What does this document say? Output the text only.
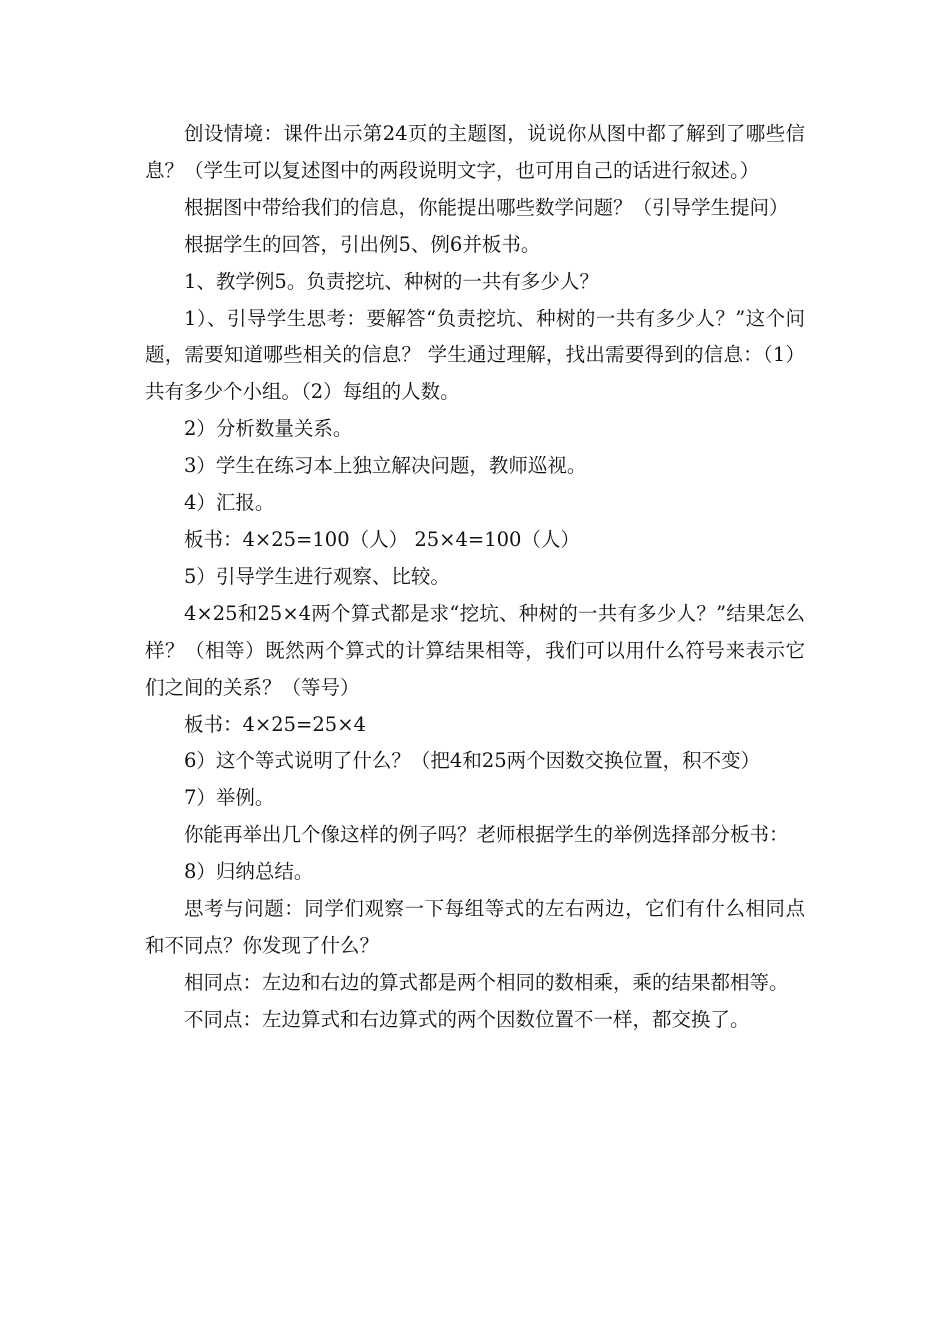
创设情境：课件出示第24页的主题图，说说你从图中都了解到了哪些信息？（学生可以复述图中的两段说明文字，也可用自己的话进行叙述。）

根据图中带给我们的信息，你能提出哪些数学问题？（引导学生提问）

根据学生的回答，引出例5、例6并板书。

1、教学例5。负责挖坑、种树的一共有多少人？

1）、引导学生思考：要解答“负责挖坑、种树的一共有多少人？”这个问题，需要知道哪些相关的信息？ 学生通过理解，找出需要得到的信息：（1）共有多少个小组。（2）每组的人数。

2）分析数量关系。

3）学生在练习本上独立解决问题，教师巡视。

4）汇报。

板书：4×25=100（人） 25×4=100（人）

5）引导学生进行观察、比较。

4×25和25×4两个算式都是求“挖坑、种树的一共有多少人？”结果怎么样？（相等）既然两个算式的计算结果相等，我们可以用什么符号来表示它们之间的关系？（等号）

板书：4×25=25×4

6）这个等式说明了什么？（把4和25两个因数交换位置，积不变）

7）举例。

你能再举出几个像这样的例子吗？老师根据学生的举例选择部分板书：

8）归纳总结。

思考与问题：同学们观察一下每组等式的左右两边，它们有什么相同点和不同点？你发现了什么？

相同点：左边和右边的算式都是两个相同的数相乘，乘的结果都相等。

不同点：左边算式和右边算式的两个因数位置不一样，都交换了。
